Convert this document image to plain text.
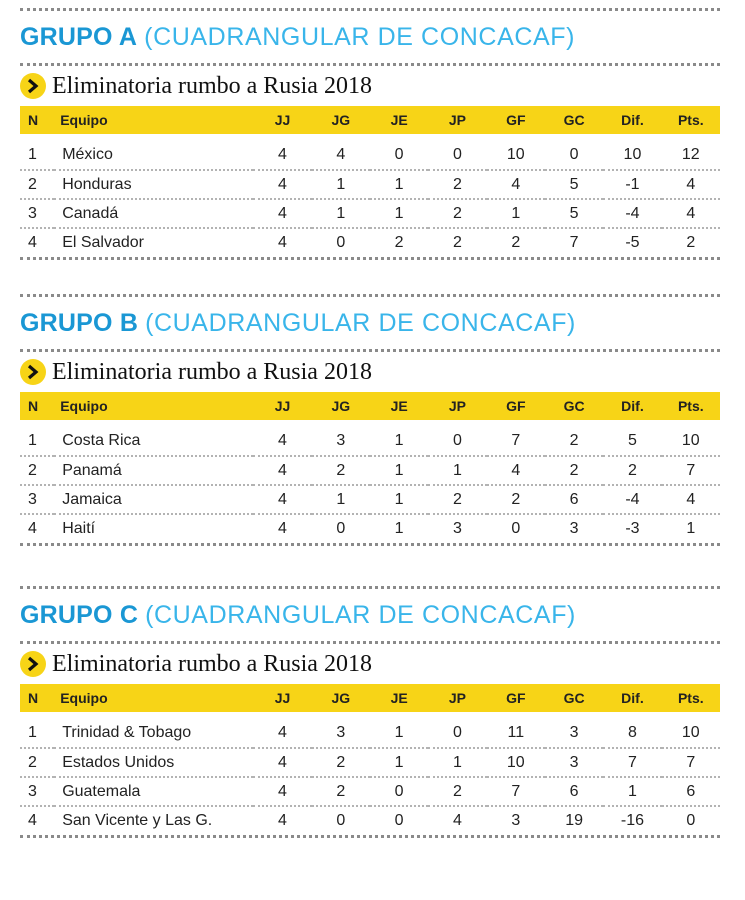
GRUPO A (CUADRANGULAR DE CONCACAF)
Eliminatoria rumbo a Rusia 2018
N	Equipo	JJ	JG	JE	JP	GF	GC	Dif.	Pts.

1	México	4	4	0	0	10	0	10	12
2	Honduras	4	1	1	2	4	5	-1	4
3	Canadá	4	1	1	2	1	5	-4	4
4	El Salvador	4	0	2	2	2	7	-5	2
GRUPO B (CUADRANGULAR DE CONCACAF)
Eliminatoria rumbo a Rusia 2018
N	Equipo	JJ	JG	JE	JP	GF	GC	Dif.	Pts.

1	Costa Rica	4	3	1	0	7	2	5	10
2	Panamá	4	2	1	1	4	2	2	7
3	Jamaica	4	1	1	2	2	6	-4	4
4	Haití	4	0	1	3	0	3	-3	1
GRUPO C (CUADRANGULAR DE CONCACAF)
Eliminatoria rumbo a Rusia 2018
N	Equipo	JJ	JG	JE	JP	GF	GC	Dif.	Pts.

1	Trinidad & Tobago	4	3	1	0	11	3	8	10
2	Estados Unidos	4	2	1	1	10	3	7	7
3	Guatemala	4	2	0	2	7	6	1	6
4	San Vicente y Las G.	4	0	0	4	3	19	-16	0
